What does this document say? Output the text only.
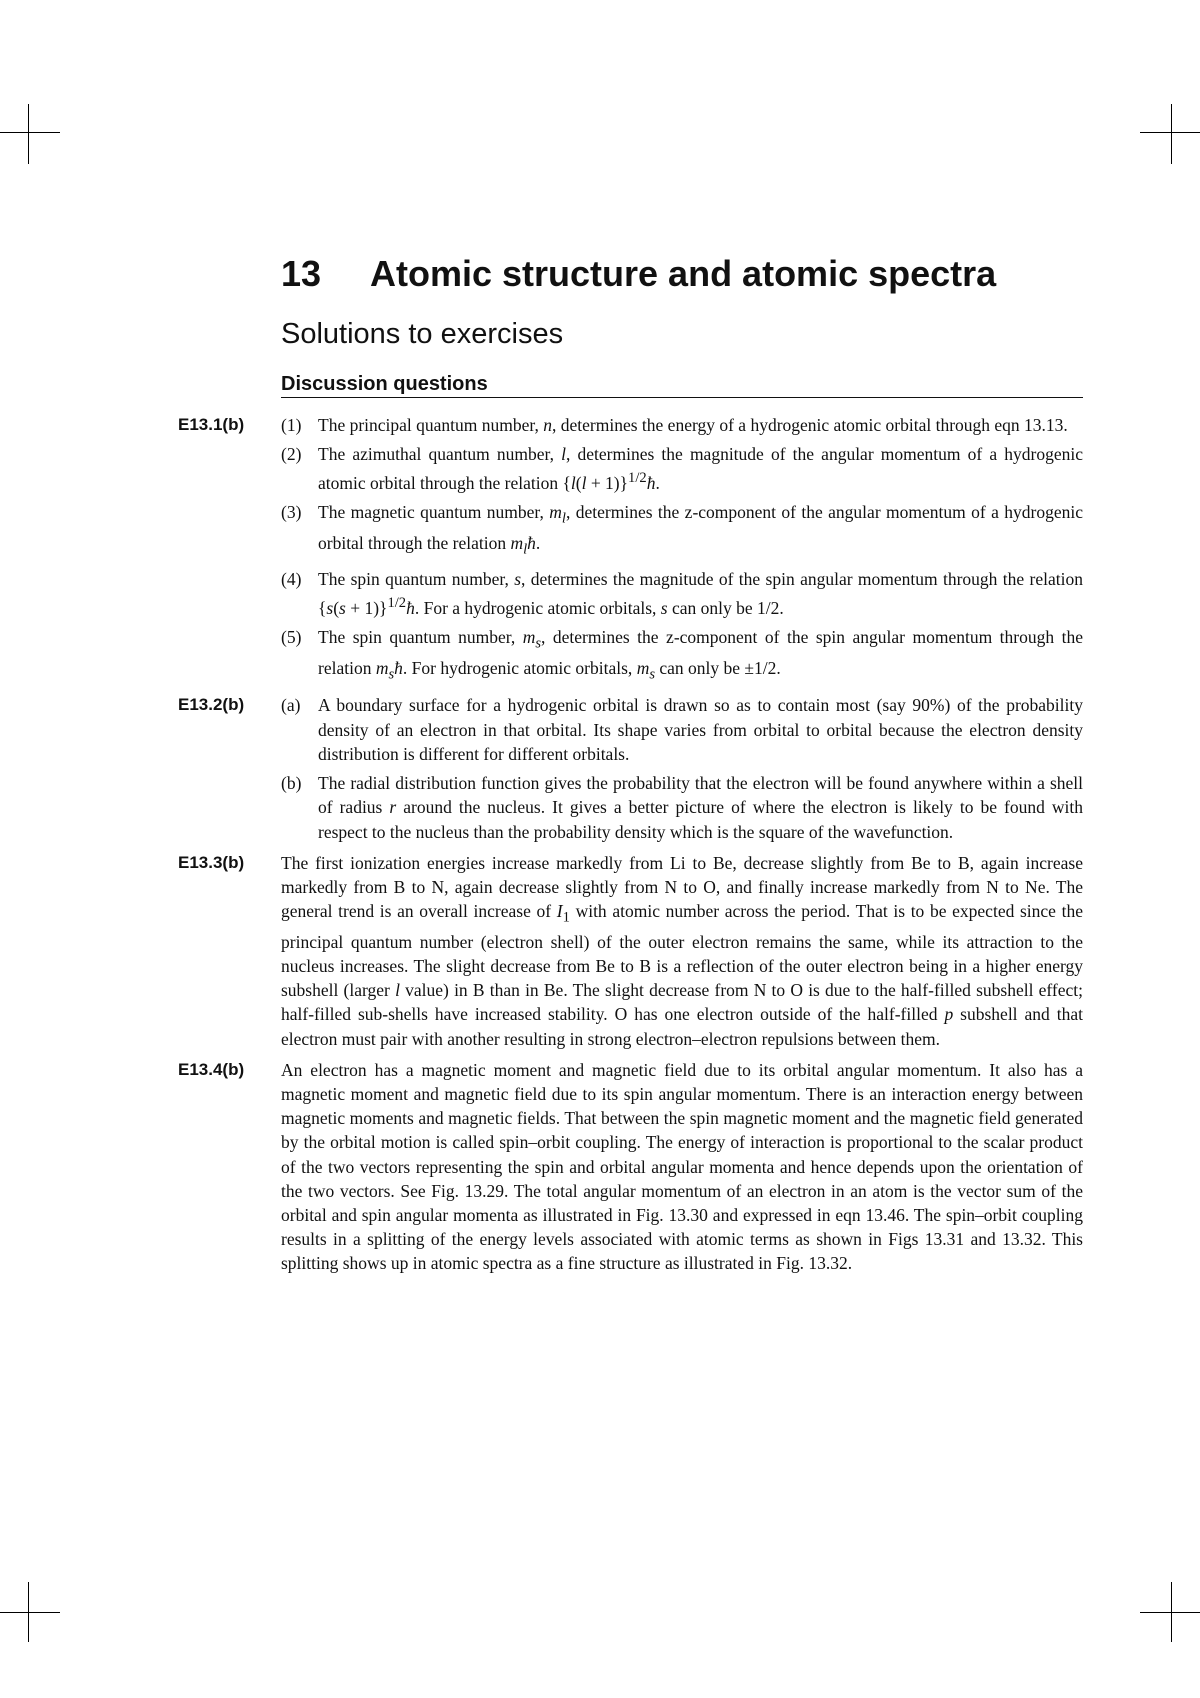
13 Atomic structure and atomic spectra
Solutions to exercises
Discussion questions
E13.1(b) (1) The principal quantum number, n, determines the energy of a hydrogenic atomic orbital through eqn 13.13.
(2) The azimuthal quantum number, l, determines the magnitude of the angular momentum of a hydrogenic atomic orbital through the relation $\{l(l + 1)\}^{1/2}ħ$.
(3) The magnetic quantum number, $m_l$, determines the z-component of the angular momentum of a hydrogenic orbital through the relation $m_lħ$.
(4) The spin quantum number, s, determines the magnitude of the spin angular momentum through the relation $\{s(s + 1)\}^{1/2}ħ$. For a hydrogenic atomic orbitals, s can only be 1/2.
(5) The spin quantum number, $m_s$, determines the z-component of the spin angular momentum through the relation $m_sħ$. For hydrogenic atomic orbitals, $m_s$ can only be ±1/2.
E13.2(b) (a) A boundary surface for a hydrogenic orbital is drawn so as to contain most (say 90%) of the probability density of an electron in that orbital. Its shape varies from orbital to orbital because the electron density distribution is different for different orbitals.
(b) The radial distribution function gives the probability that the electron will be found anywhere within a shell of radius r around the nucleus. It gives a better picture of where the electron is likely to be found with respect to the nucleus than the probability density which is the square of the wavefunction.
E13.3(b) The first ionization energies increase markedly from Li to Be, decrease slightly from Be to B, again increase markedly from B to N, again decrease slightly from N to O, and finally increase markedly from N to Ne. The general trend is an overall increase of $I_1$ with atomic number across the period. That is to be expected since the principal quantum number (electron shell) of the outer electron remains the same, while its attraction to the nucleus increases. The slight decrease from Be to B is a reflection of the outer electron being in a higher energy subshell (larger l value) in B than in Be. The slight decrease from N to O is due to the half-filled subshell effect; half-filled sub-shells have increased stability. O has one electron outside of the half-filled p subshell and that electron must pair with another resulting in strong electron–electron repulsions between them.
E13.4(b) An electron has a magnetic moment and magnetic field due to its orbital angular momentum. It also has a magnetic moment and magnetic field due to its spin angular momentum. There is an interaction energy between magnetic moments and magnetic fields. That between the spin magnetic moment and the magnetic field generated by the orbital motion is called spin–orbit coupling. The energy of interaction is proportional to the scalar product of the two vectors representing the spin and orbital angular momenta and hence depends upon the orientation of the two vectors. See Fig. 13.29. The total angular momentum of an electron in an atom is the vector sum of the orbital and spin angular momenta as illustrated in Fig. 13.30 and expressed in eqn 13.46. The spin–orbit coupling results in a splitting of the energy levels associated with atomic terms as shown in Figs 13.31 and 13.32. This splitting shows up in atomic spectra as a fine structure as illustrated in Fig. 13.32.
